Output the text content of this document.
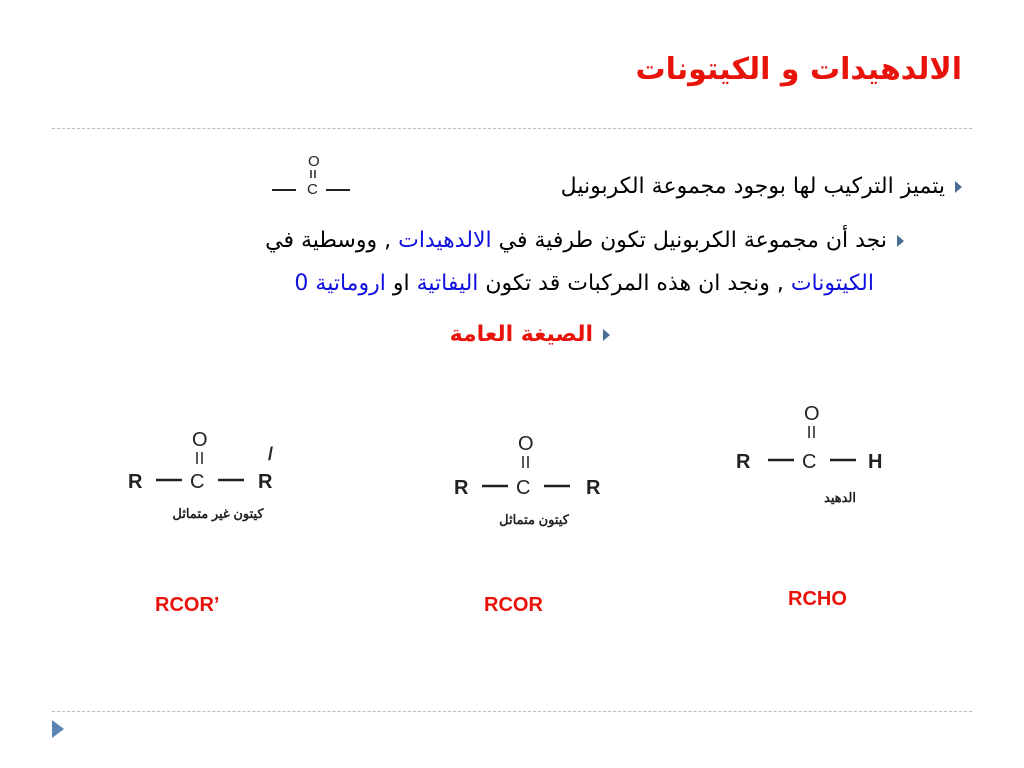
الالدهيدات و الكيتونات
يتميز التركيب لها بوجود مجموعة الكربونيل
O
C
نجد أن مجموعة الكربونيل تكون طرفية في الالدهيدات , ووسطية في
الكيتونات , ونجد ان هذه المركبات قد تكون اليفاتية او اروماتية 0
الصيغة العامة
O
R	C	H
الدهيد
O
R C	R
كيتون متماثل
O
R C	R
/
كيتون غير متماثل
RCHO
RCOR
RCOR’
